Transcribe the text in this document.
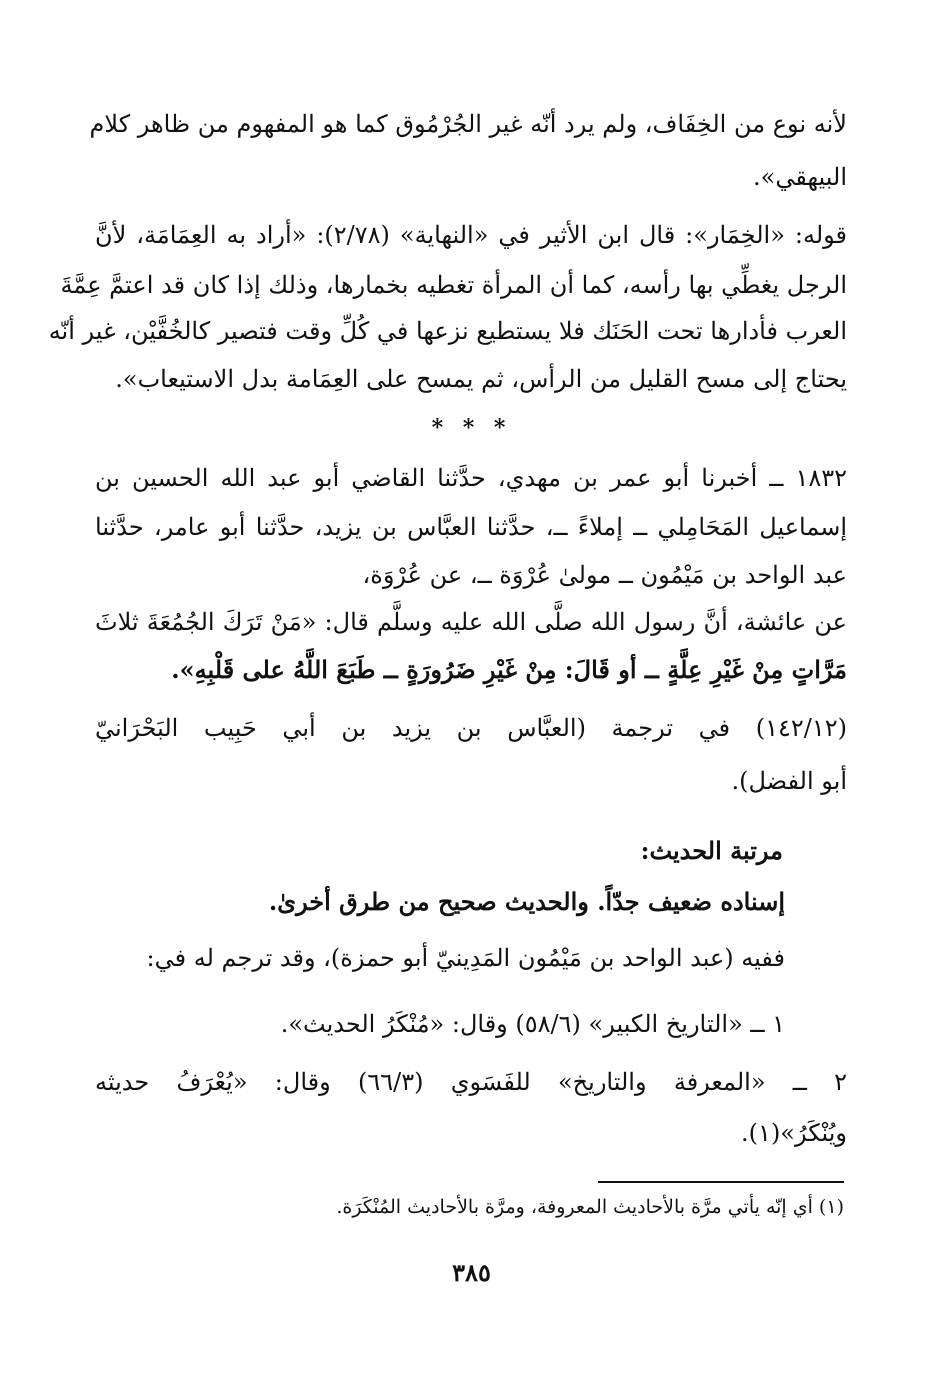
لأنه نوع من الخِفَاف، ولم يرد أنّه غير الجُرْمُوق كما هو المفهوم من ظاهر كلام
البيهقي».
قوله: «الخِمَار»: قال ابن الأثير في «النهاية» (٢/٧٨): «أراد به العِمَامَة، لأنَّ
الرجل يغطِّي بها رأسه، كما أن المرأة تغطيه بخمارها، وذلك إذا كان قد اعتمَّ عِمَّةَ
العرب فأدارها تحت الحَنَك فلا يستطيع نزعها في كُلِّ وقت فتصير كالخُفَّيْن، غير أنّه
يحتاج إلى مسح القليل من الرأس، ثم يمسح على العِمَامة بدل الاستيعاب».
* * *
١٨٣٢ ــ أخبرنا أبو عمر بن مهدي، حدَّثنا القاضي أبو عبد الله الحسين بن
إسماعيل المَحَامِلي ــ إملاءً ــ، حدَّثنا العبَّاس بن يزيد، حدَّثنا أبو عامر، حدَّثنا
عبد الواحد بن مَيْمُون ــ مولىٰ عُرْوَة ــ، عن عُرْوَة،
عن عائشة، أنَّ رسول الله صلَّى الله عليه وسلَّم قال: «مَنْ تَرَكَ الجُمُعَةَ ثلاثَ
مَرَّاتٍ مِنْ غَيْرِ عِلَّةٍ ــ أو قَالَ: مِنْ غَيْرِ ضَرُورَةٍ ــ طَبَعَ اللَّهُ على قَلْبِهِ».
(١٤٢/١٢) في ترجمة (العبَّاس بن يزيد بن أبي حَبِيب البَحْرَانيّ
أبو الفضل).
مرتبة الحديث:
إسناده ضعيف جدّاً. والحديث صحيح من طرق أخرىٰ.
ففيه (عبد الواحد بن مَيْمُون المَدِينيّ أبو حمزة)، وقد ترجم له في:
١ ــ «التاريخ الكبير» (٥٨/٦) وقال: «مُنْكَرُ الحديث».
٢ ــ «المعرفة والتاريخ» للفَسَوي (٦٦/٣) وقال: «يُعْرَفُ حديثه
ويُنْكَرُ»(١).
(١) أي إنّه يأتي مرَّة بالأحاديث المعروفة، ومرَّة بالأحاديث المُنْكَرَة.
٣٨٥
